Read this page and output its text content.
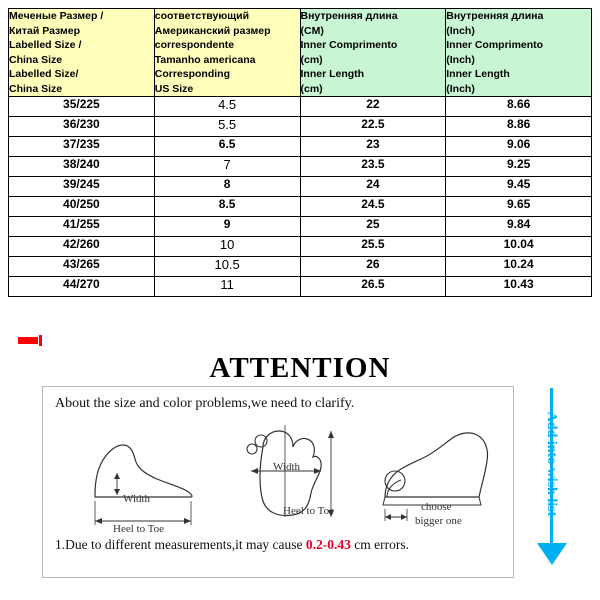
Мeченые Размер /
Китай Размер
Labelled Size /
China Size
Labelled Size/
China Size

соответствующий
Американский размер
correspondente
Tamanho americana
Corresponding
US Size

Внутренняя длина
(CM)
Inner Comprimento
(cm)
Inner Length
(cm)

Внутренняя длина
(Inch)
Inner Comprimento
(Inch)
Inner Length
(Inch)

35/225	4.5	22	8.66
36/230	5.5	22.5	8.86
37/235	6.5	23	9.06
38/240	7	23.5	9.25
39/245	8	24	9.45
40/250	8.5	24.5	9.65
41/255	9	25	9.84
42/260	10	25.5	10.04
43/265	10.5	26	10.24
44/270	11	26.5	10.43
ATTENTION
About the size and color problems,we need to clarify.
Width
Heel to Toe
Width
Heel to Toe	choose
bigger one
1.Due to different measurements,it may cause 0.2-0.43 cm errors.
Add into wish list
